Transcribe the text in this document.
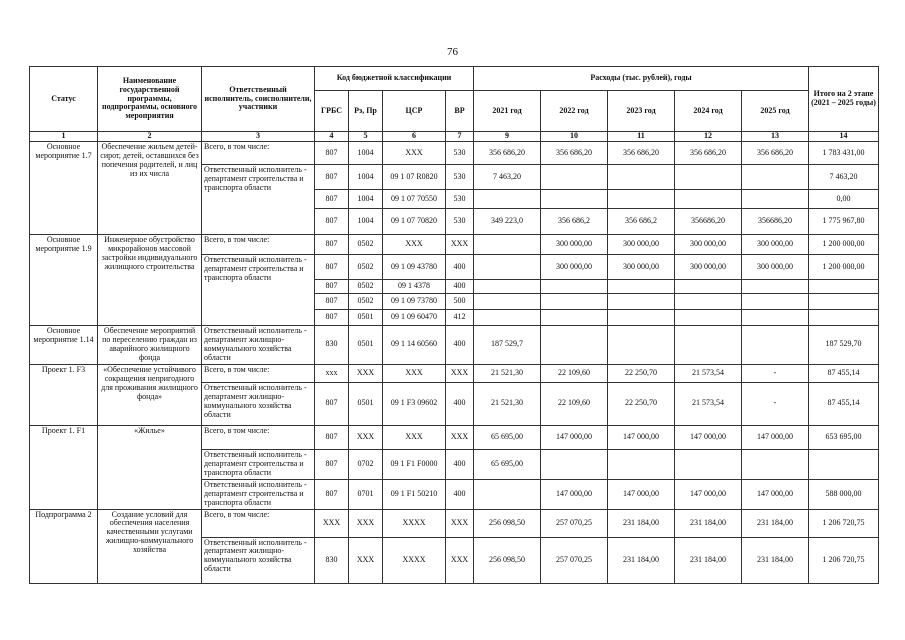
76
Статус	Наименование государственной программы, подпрограммы, основного мероприятия	Ответственный исполнитель, соисполнители, участники	Код бюджетной классификации				Расходы (тыс. рублей), годы					Итого на 2 этапе (2021 – 2025 годы)
			ГРБС	Рз, Пр	ЦСР	ВР	2021 год	2022 год	2023 год	2024 год	2025 год	
1	2	3	4	5	6	7	9	10	11	12	13	14
Основное мероприятие 1.7	Обеспечение жильем детей-сирот, детей, оставшихся без попечения родителей, и лиц из их числа	Всего, в том числе:	807	1004	XXX	530	356 686,20	356 686,20	356 686,20	356 686,20	356 686,20	1 783 431,00
		Ответственный исполнитель - департамент строительства и транспорта области	807	1004	09 1 07 R0820	530	7 463,20					7 463,20
			807	1004	09 1 07 70550	530						0,00
			807	1004	09 1 07 70820	530	349 223,0	356 686,2	356 686,2	356686,20	356686,20	1 775 967,80
Основное мероприятие 1.9	Инженерное обустройство микрорайонов массовой застройки индивидуального жилищного строительства	Всего, в том числе:	807	0502	XXX	XXX		300 000,00	300 000,00	300 000,00	300 000,00	1 200 000,00
		Ответственный исполнитель - департамент строительства и транспорта области	807	0502	09 1 09 43780	400		300 000,00	300 000,00	300 000,00	300 000,00	1 200 000,00
			807	0502	09 1 4378	400						
			807	0502	09 1 09 73780	500						
			807	0501	09 1 09 60470	412						
Основное мероприятие 1.14	Обеспечение мероприятий по переселению граждан из аварийного жилищного фонда	Ответственный исполнитель - департамент жилищно-коммунального хозяйства области	830	0501	09 1 14 60560	400	187 529,7					187 529,70
Проект 1. F3	«Обеспечение устойчивого сокращения непригодного для проживания жилищного фонда»	Всего, в том числе:	xxx	XXX	XXX	XXX	21 521,30	22 109,60	22 250,70	21 573,54	-	87 455,14
		Ответственный исполнитель - департамент жилищно-коммунального хозяйства области	807	0501	09 1 F3 09602	400	21 521,30	22 109,60	22 250,70	21 573,54	-	87 455,14
Проект 1. F1	«Жилье»	Всего, в том числе:	807	XXX	XXX	XXX	65 695,00	147 000,00	147 000,00	147 000,00	147 000,00	653 695,00
		Ответственный исполнитель - департамент строительства и транспорта области	807	0702	09 1 F1 F0000	400	65 695,00					
		Ответственный исполнитель - департамент строительства и транспорта области	807	0701	09 1 F1 50210	400		147 000,00	147 000,00	147 000,00	147 000,00	588 000,00
Подпрограмма 2	Создание условий для обеспечения населения качественными услугами жилищно-коммунального хозяйства	Всего, в том числе:	XXX	XXX	XXXX	XXX	256 098,50	257 070,25	231 184,00	231 184,00	231 184,00	1 206 720,75
		Ответственный исполнитель - департамент жилищно-коммунального хозяйства области	830	XXX	XXXX	XXX	256 098,50	257 070,25	231 184,00	231 184,00	231 184,00	1 206 720,75
